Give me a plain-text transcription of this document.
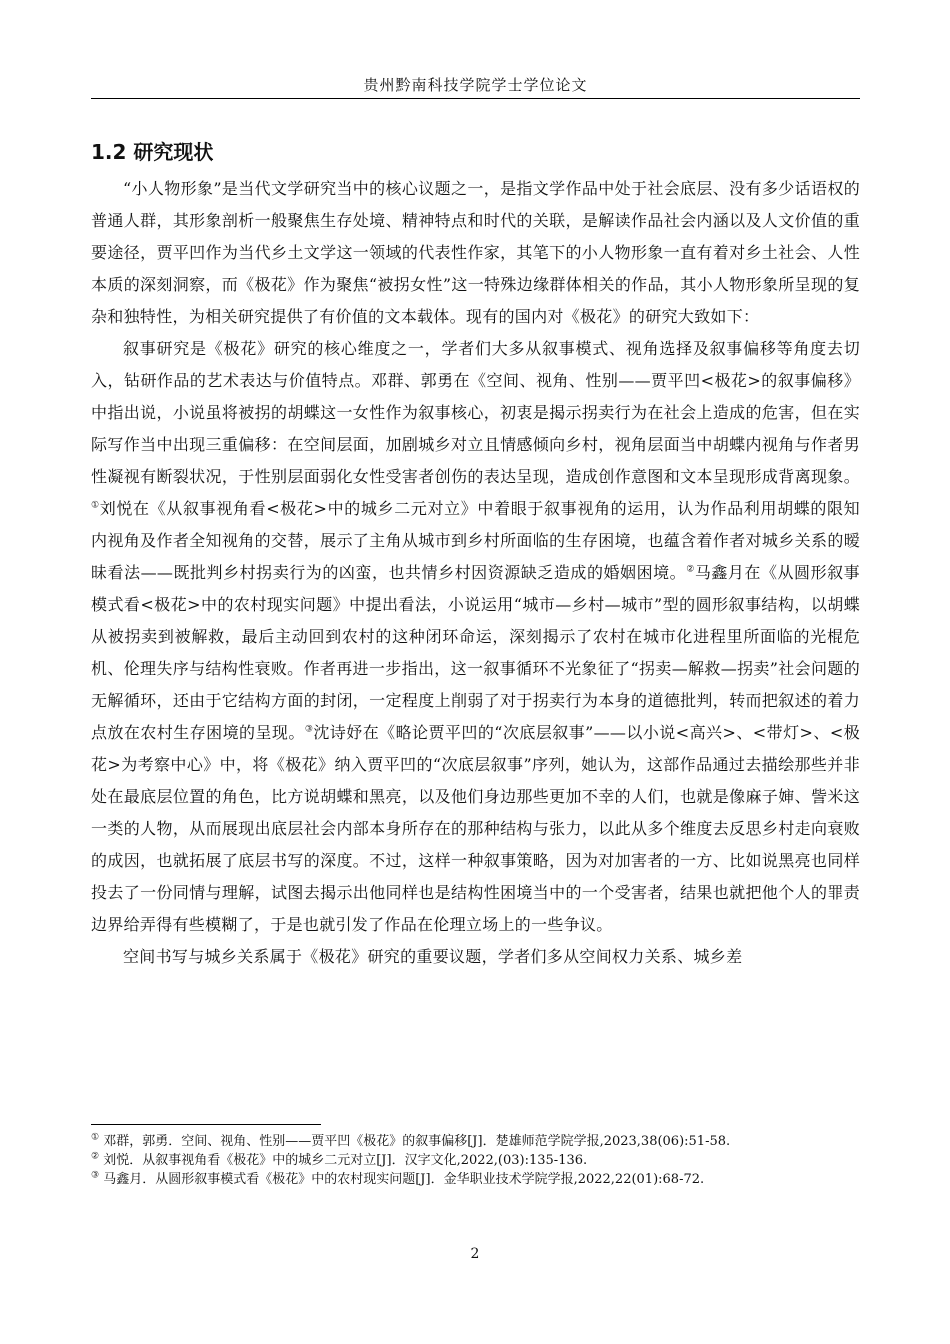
贵州黔南科技学院学士学位论文
1.2 研究现状

“小人物形象”是当代文学研究当中的核心议题之一，是指文学作品中处于社会底层、没有多少话语权的普通人群，其形象剖析一般聚焦生存处境、精神特点和时代的关联，是解读作品社会内涵以及人文价值的重要途径，贾平凹作为当代乡土文学这一领域的代表性作家，其笔下的小人物形象一直有着对乡土社会、人性本质的深刻洞察，而《极花》作为聚焦“被拐女性”这一特殊边缘群体相关的作品，其小人物形象所呈现的复杂和独特性，为相关研究提供了有价值的文本载体。现有的国内对《极花》的研究大致如下：

叙事研究是《极花》研究的核心维度之一，学者们大多从叙事模式、视角选择及叙事偏移等角度去切入，钻研作品的艺术表达与价值特点。邓群、郭勇在《空间、视角、性别——贾平凹<极花>的叙事偏移》中指出说，小说虽将被拐的胡蝶这一女性作为叙事核心，初衷是揭示拐卖行为在社会上造成的危害，但在实际写作当中出现三重偏移：在空间层面，加剧城乡对立且情感倾向乡村，视角层面当中胡蝶内视角与作者男性凝视有断裂状况，于性别层面弱化女性受害者创伤的表达呈现，造成创作意图和文本呈现形成背离现象。①刘悦在《从叙事视角看<极花>中的城乡二元对立》中着眼于叙事视角的运用，认为作品利用胡蝶的限知内视角及作者全知视角的交替，展示了主角从城市到乡村所面临的生存困境，也蕴含着作者对城乡关系的暧昧看法——既批判乡村拐卖行为的凶蛮，也共情乡村因资源缺乏造成的婚姻困境。②马鑫月在《从圆形叙事模式看<极花>中的农村现实问题》中提出看法，小说运用“城市—乡村—城市”型的圆形叙事结构，以胡蝶从被拐卖到被解救，最后主动回到农村的这种闭环命运，深刻揭示了农村在城市化进程里所面临的光棍危机、伦理失序与结构性衰败。作者再进一步指出，这一叙事循环不光象征了“拐卖—解救—拐卖”社会问题的无解循环，还由于它结构方面的封闭，一定程度上削弱了对于拐卖行为本身的道德批判，转而把叙述的着力点放在农村生存困境的呈现。③沈诗妤在《略论贾平凹的“次底层叙事”——以小说<高兴>、<带灯>、<极花>为考察中心》中，将《极花》纳入贾平凹的“次底层叙事”序列，她认为，这部作品通过去描绘那些并非处在最底层位置的角色，比方说胡蝶和黑亮，以及他们身边那些更加不幸的人们，也就是像麻子婶、訾米这一类的人物，从而展现出底层社会内部本身所存在的那种结构与张力，以此从多个维度去反思乡村走向衰败的成因，也就拓展了底层书写的深度。不过，这样一种叙事策略，因为对加害者的一方、比如说黑亮也同样投去了一份同情与理解，试图去揭示出他同样也是结构性困境当中的一个受害者，结果也就把他个人的罪责边界给弄得有些模糊了，于是也就引发了作品在伦理立场上的一些争议。

空间书写与城乡关系属于《极花》研究的重要议题，学者们多从空间权力关系、城乡差

① 邓群，郭勇．空间、视角、性别——贾平凹《极花》的叙事偏移[J]．楚雄师范学院学报,2023,38(06):51-58.

② 刘悦．从叙事视角看《极花》中的城乡二元对立[J]．汉字文化,2022,(03):135-136.

③ 马鑫月．从圆形叙事模式看《极花》中的农村现实问题[J]．金华职业技术学院学报,2022,22(01):68-72.

2
